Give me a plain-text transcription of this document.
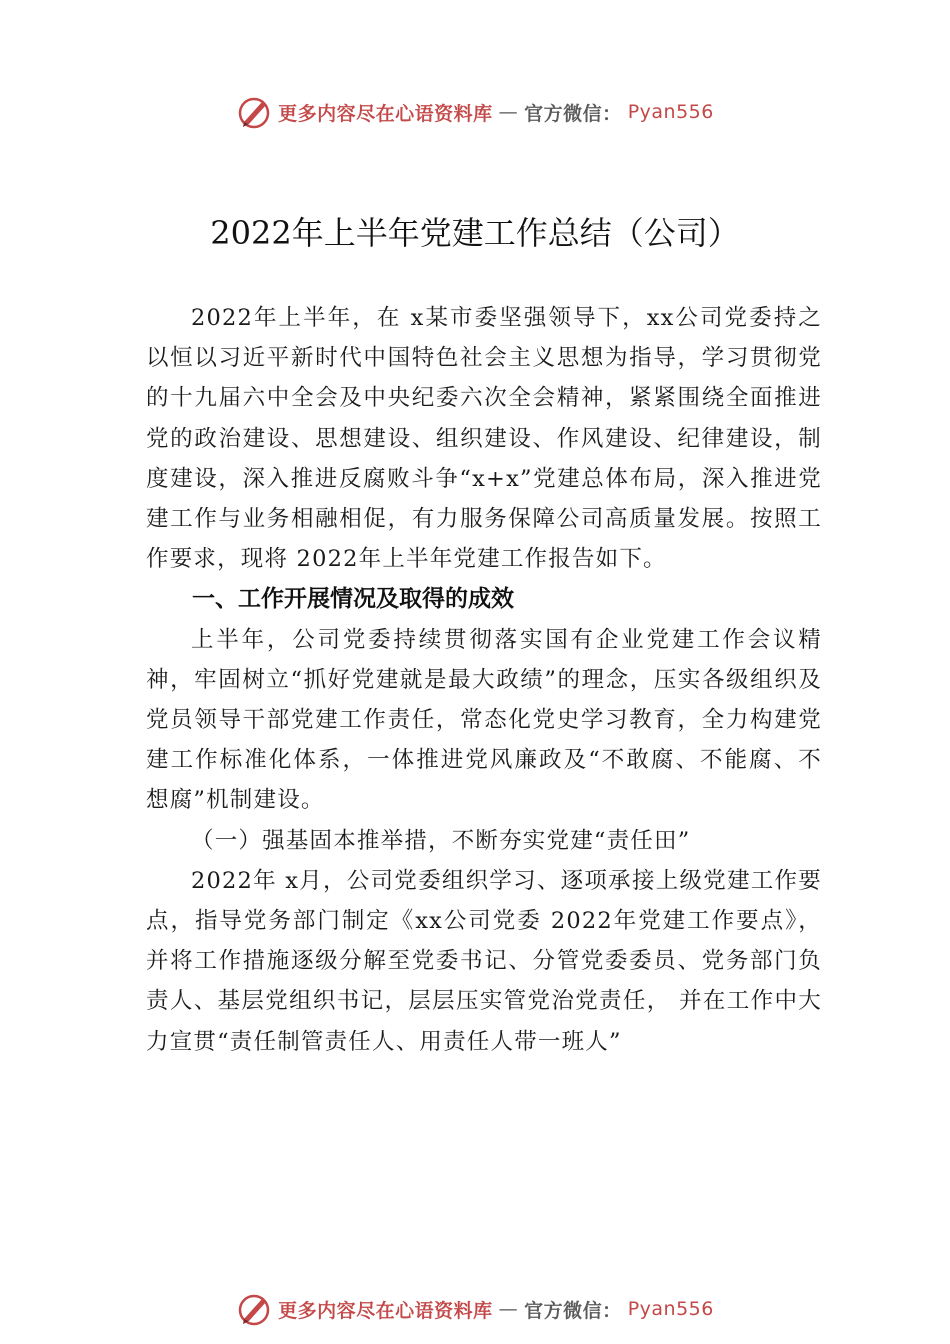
更多内容尽在心语资料库 — 官方微信： Pyan556
2022年上半年党建工作总结（公司）

2022年上半年，在 x某市委坚强领导下，xx公司党委持之以恒以习近平新时代中国特色社会主义思想为指导，学习贯彻党的十九届六中全会及中央纪委六次全会精神，紧紧围绕全面推进党的政治建设、思想建设、组织建设、作风建设、纪律建设，制度建设，深入推进反腐败斗争“x+x”党建总体布局，深入推进党建工作与业务相融相促，有力服务保障公司高质量发展。按照工作要求，现将 2022年上半年党建工作报告如下。

一、工作开展情况及取得的成效

上半年，公司党委持续贯彻落实国有企业党建工作会议精神，牢固树立“抓好党建就是最大政绩”的理念，压实各级组织及党员领导干部党建工作责任，常态化党史学习教育，全力构建党建工作标准化体系，一体推进党风廉政及“不敢腐、不能腐、不想腐”机制建设。

（一）强基固本推举措，不断夯实党建“责任田”

2022年 x月，公司党委组织学习、逐项承接上级党建工作要点，指导党务部门制定《xx公司党委 2022年党建工作要点》，并将工作措施逐级分解至党委书记、分管党委委员、党务部门负责人、基层党组织书记，层层压实管党治党责任， 并在工作中大力宣贯“责任制管责任人、用责任人带一班人”

更多内容尽在心语资料库 — 官方微信： Pyan556
